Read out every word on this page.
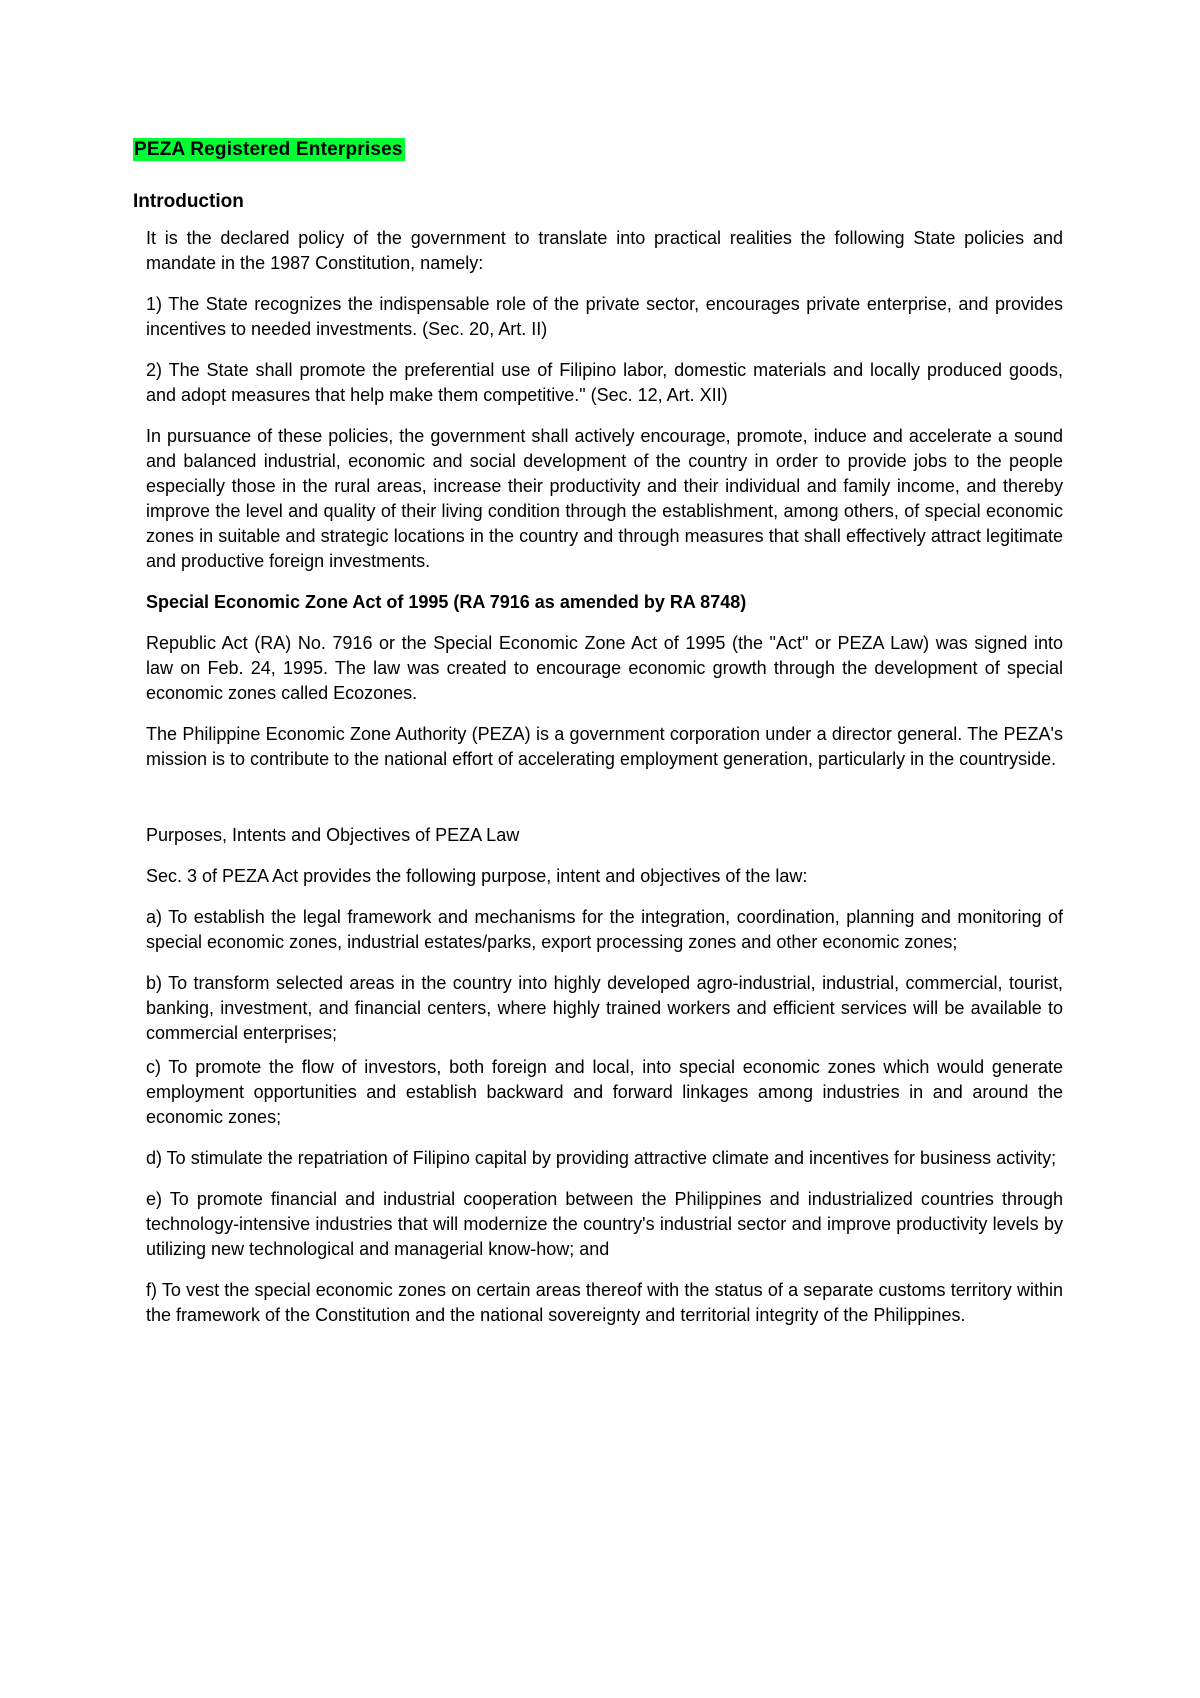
PEZA Registered Enterprises
Introduction

It is the declared policy of the government to translate into practical realities the following State policies and mandate in the 1987 Constitution, namely:

1) The State recognizes the indispensable role of the private sector, encourages private enterprise, and provides incentives to needed investments. (Sec. 20, Art. II)

2) The State shall promote the preferential use of Filipino labor, domestic materials and locally produced goods, and adopt measures that help make them competitive." (Sec. 12, Art. XII)

In pursuance of these policies, the government shall actively encourage, promote, induce and accelerate a sound and balanced industrial, economic and social development of the country in order to provide jobs to the people especially those in the rural areas, increase their productivity and their individual and family income, and thereby improve the level and quality of their living condition through the establishment, among others, of special economic zones in suitable and strategic locations in the country and through measures that shall effectively attract legitimate and productive foreign investments.

Special Economic Zone Act of 1995 (RA 7916 as amended by RA 8748)

Republic Act (RA) No. 7916 or the Special Economic Zone Act of 1995 (the "Act" or PEZA Law) was signed into law on Feb. 24, 1995. The law was created to encourage economic growth through the development of special economic zones called Ecozones.

The Philippine Economic Zone Authority (PEZA) is a government corporation under a director general. The PEZA's mission is to contribute to the national effort of accelerating employment generation, particularly in the countryside.

Purposes, Intents and Objectives of PEZA Law

Sec. 3 of PEZA Act provides the following purpose, intent and objectives of the law:

a) To establish the legal framework and mechanisms for the integration, coordination, planning and monitoring of special economic zones, industrial estates/parks, export processing zones and other economic zones;

b) To transform selected areas in the country into highly developed agro-industrial, industrial, commercial, tourist, banking, investment, and financial centers, where highly trained workers and efficient services will be available to commercial enterprises;

c) To promote the flow of investors, both foreign and local, into special economic zones which would generate employment opportunities and establish backward and forward linkages among industries in and around the economic zones;

d) To stimulate the repatriation of Filipino capital by providing attractive climate and incentives for business activity;

e) To promote financial and industrial cooperation between the Philippines and industrialized countries through technology-intensive industries that will modernize the country's industrial sector and improve productivity levels by utilizing new technological and managerial know-how; and

f) To vest the special economic zones on certain areas thereof with the status of a separate customs territory within the framework of the Constitution and the national sovereignty and territorial integrity of the Philippines.
